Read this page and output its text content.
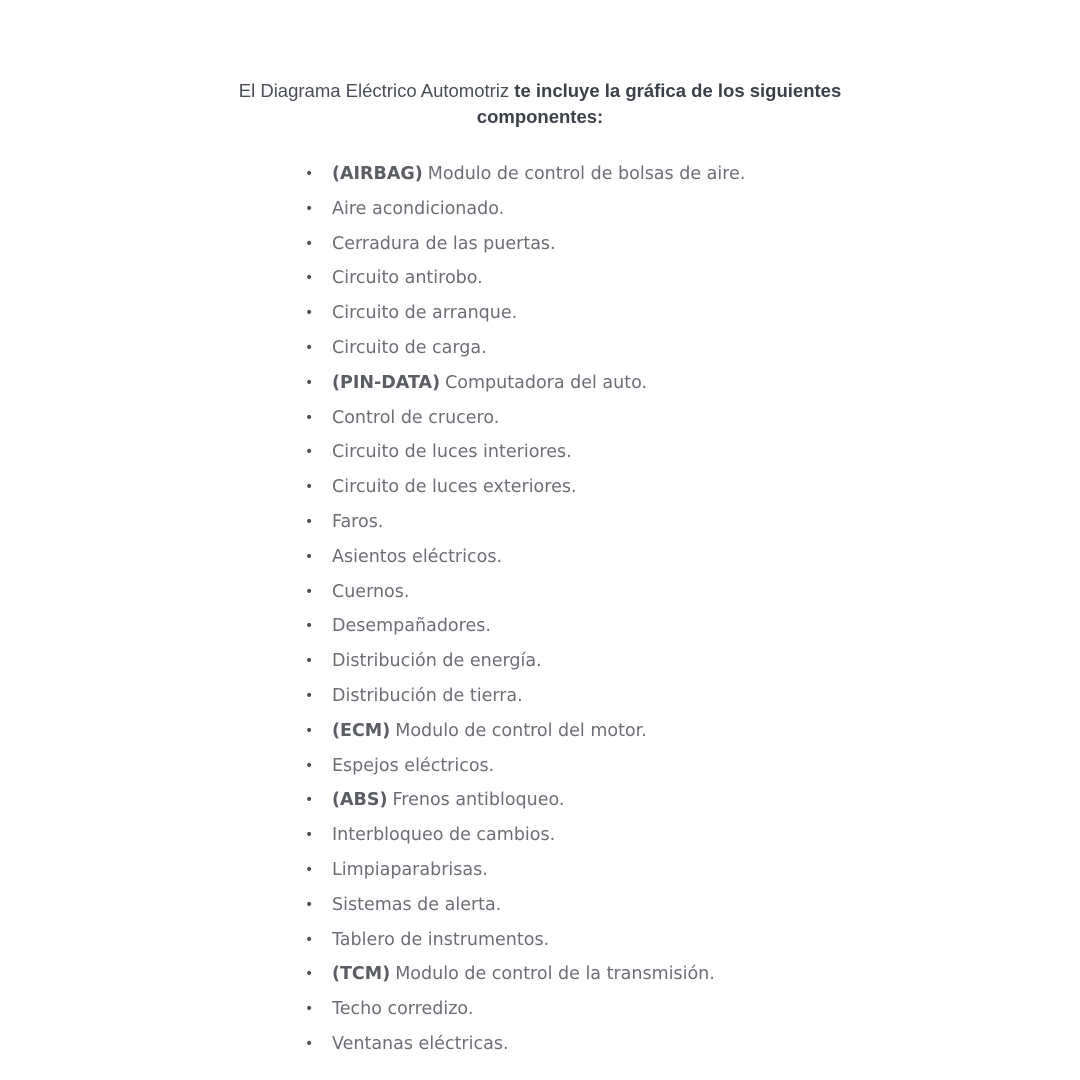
El Diagrama Eléctrico Automotriz te incluye la gráfica de los siguientes
componentes:
•	(AIRBAG) Modulo de control de bolsas de aire.
•	Aire acondicionado.
•	Cerradura de las puertas.
•	Circuito antirobo.
•	Circuito de arranque.
•	Circuito de carga.
•	(PIN-DATA) Computadora del auto.
•	Control de crucero.
•	Circuito de luces interiores.
•	Circuito de luces exteriores.
•	Faros.
•	Asientos eléctricos.
•	Cuernos.
•	Desempañadores.
•	Distribución de energía.
•	Distribución de tierra.
•	(ECM) Modulo de control del motor.
•	Espejos eléctricos.
•	(ABS) Frenos antibloqueo.
•	Interbloqueo de cambios.
•	Limpiaparabrisas.
•	Sistemas de alerta.
•	Tablero de instrumentos.
•	(TCM) Modulo de control de la transmisión.
•	Techo corredizo.
•	Ventanas eléctricas.
